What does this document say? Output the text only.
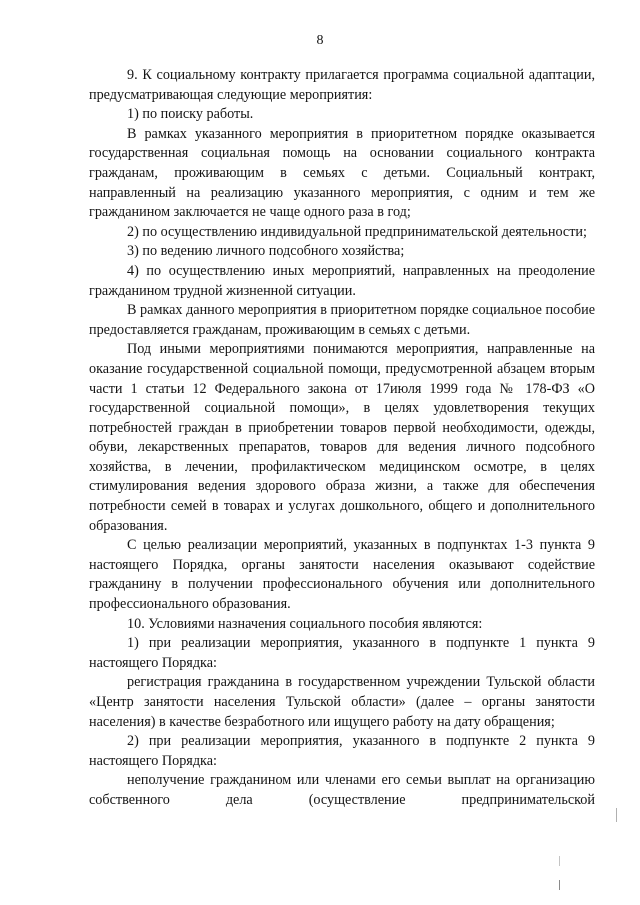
8

9. К социальному контракту прилагается программа социальной адаптации, предусматривающая следующие мероприятия:

1) по поиску работы.

В рамках указанного мероприятия в приоритетном порядке оказывается государственная социальная помощь на основании социального контракта гражданам, проживающим в семьях с детьми. Социальный контракт, направленный на реализацию указанного мероприятия, с одним и тем же гражданином заключается не чаще одного раза в год;

2) по осуществлению индивидуальной предпринимательской деятельности;

3) по ведению личного подсобного хозяйства;

4) по осуществлению иных мероприятий, направленных на преодоление гражданином трудной жизненной ситуации.

В рамках данного мероприятия в приоритетном порядке социальное пособие предоставляется гражданам, проживающим в семьях с детьми.

Под иными мероприятиями понимаются мероприятия, направленные на оказание государственной социальной помощи, предусмотренной абзацем вторым части 1 статьи 12 Федерального закона от 17июля 1999 года № 178-ФЗ «О государственной социальной помощи», в целях удовлетворения текущих потребностей граждан в приобретении товаров первой необходимости, одежды, обуви, лекарственных препаратов, товаров для ведения личного подсобного хозяйства, в лечении, профилактическом медицинском осмотре, в целях стимулирования ведения здорового образа жизни, а также для обеспечения потребности семей в товарах и услугах дошкольного, общего и дополнительного образования.

С целью реализации мероприятий, указанных в подпунктах 1-3 пункта 9 настоящего Порядка, органы занятости населения оказывают содействие гражданину в получении профессионального обучения или дополнительного профессионального образования.

10. Условиями назначения социального пособия являются:

1) при реализации мероприятия, указанного в подпункте 1 пункта 9 настоящего Порядка:

регистрация гражданина в государственном учреждении Тульской области «Центр занятости населения Тульской области» (далее – органы занятости населения) в качестве безработного или ищущего работу на дату обращения;

2) при реализации мероприятия, указанного в подпункте 2 пункта 9 настоящего Порядка:

неполучение гражданином или членами его семьи выплат на организацию собственного дела (осуществление предпринимательской
